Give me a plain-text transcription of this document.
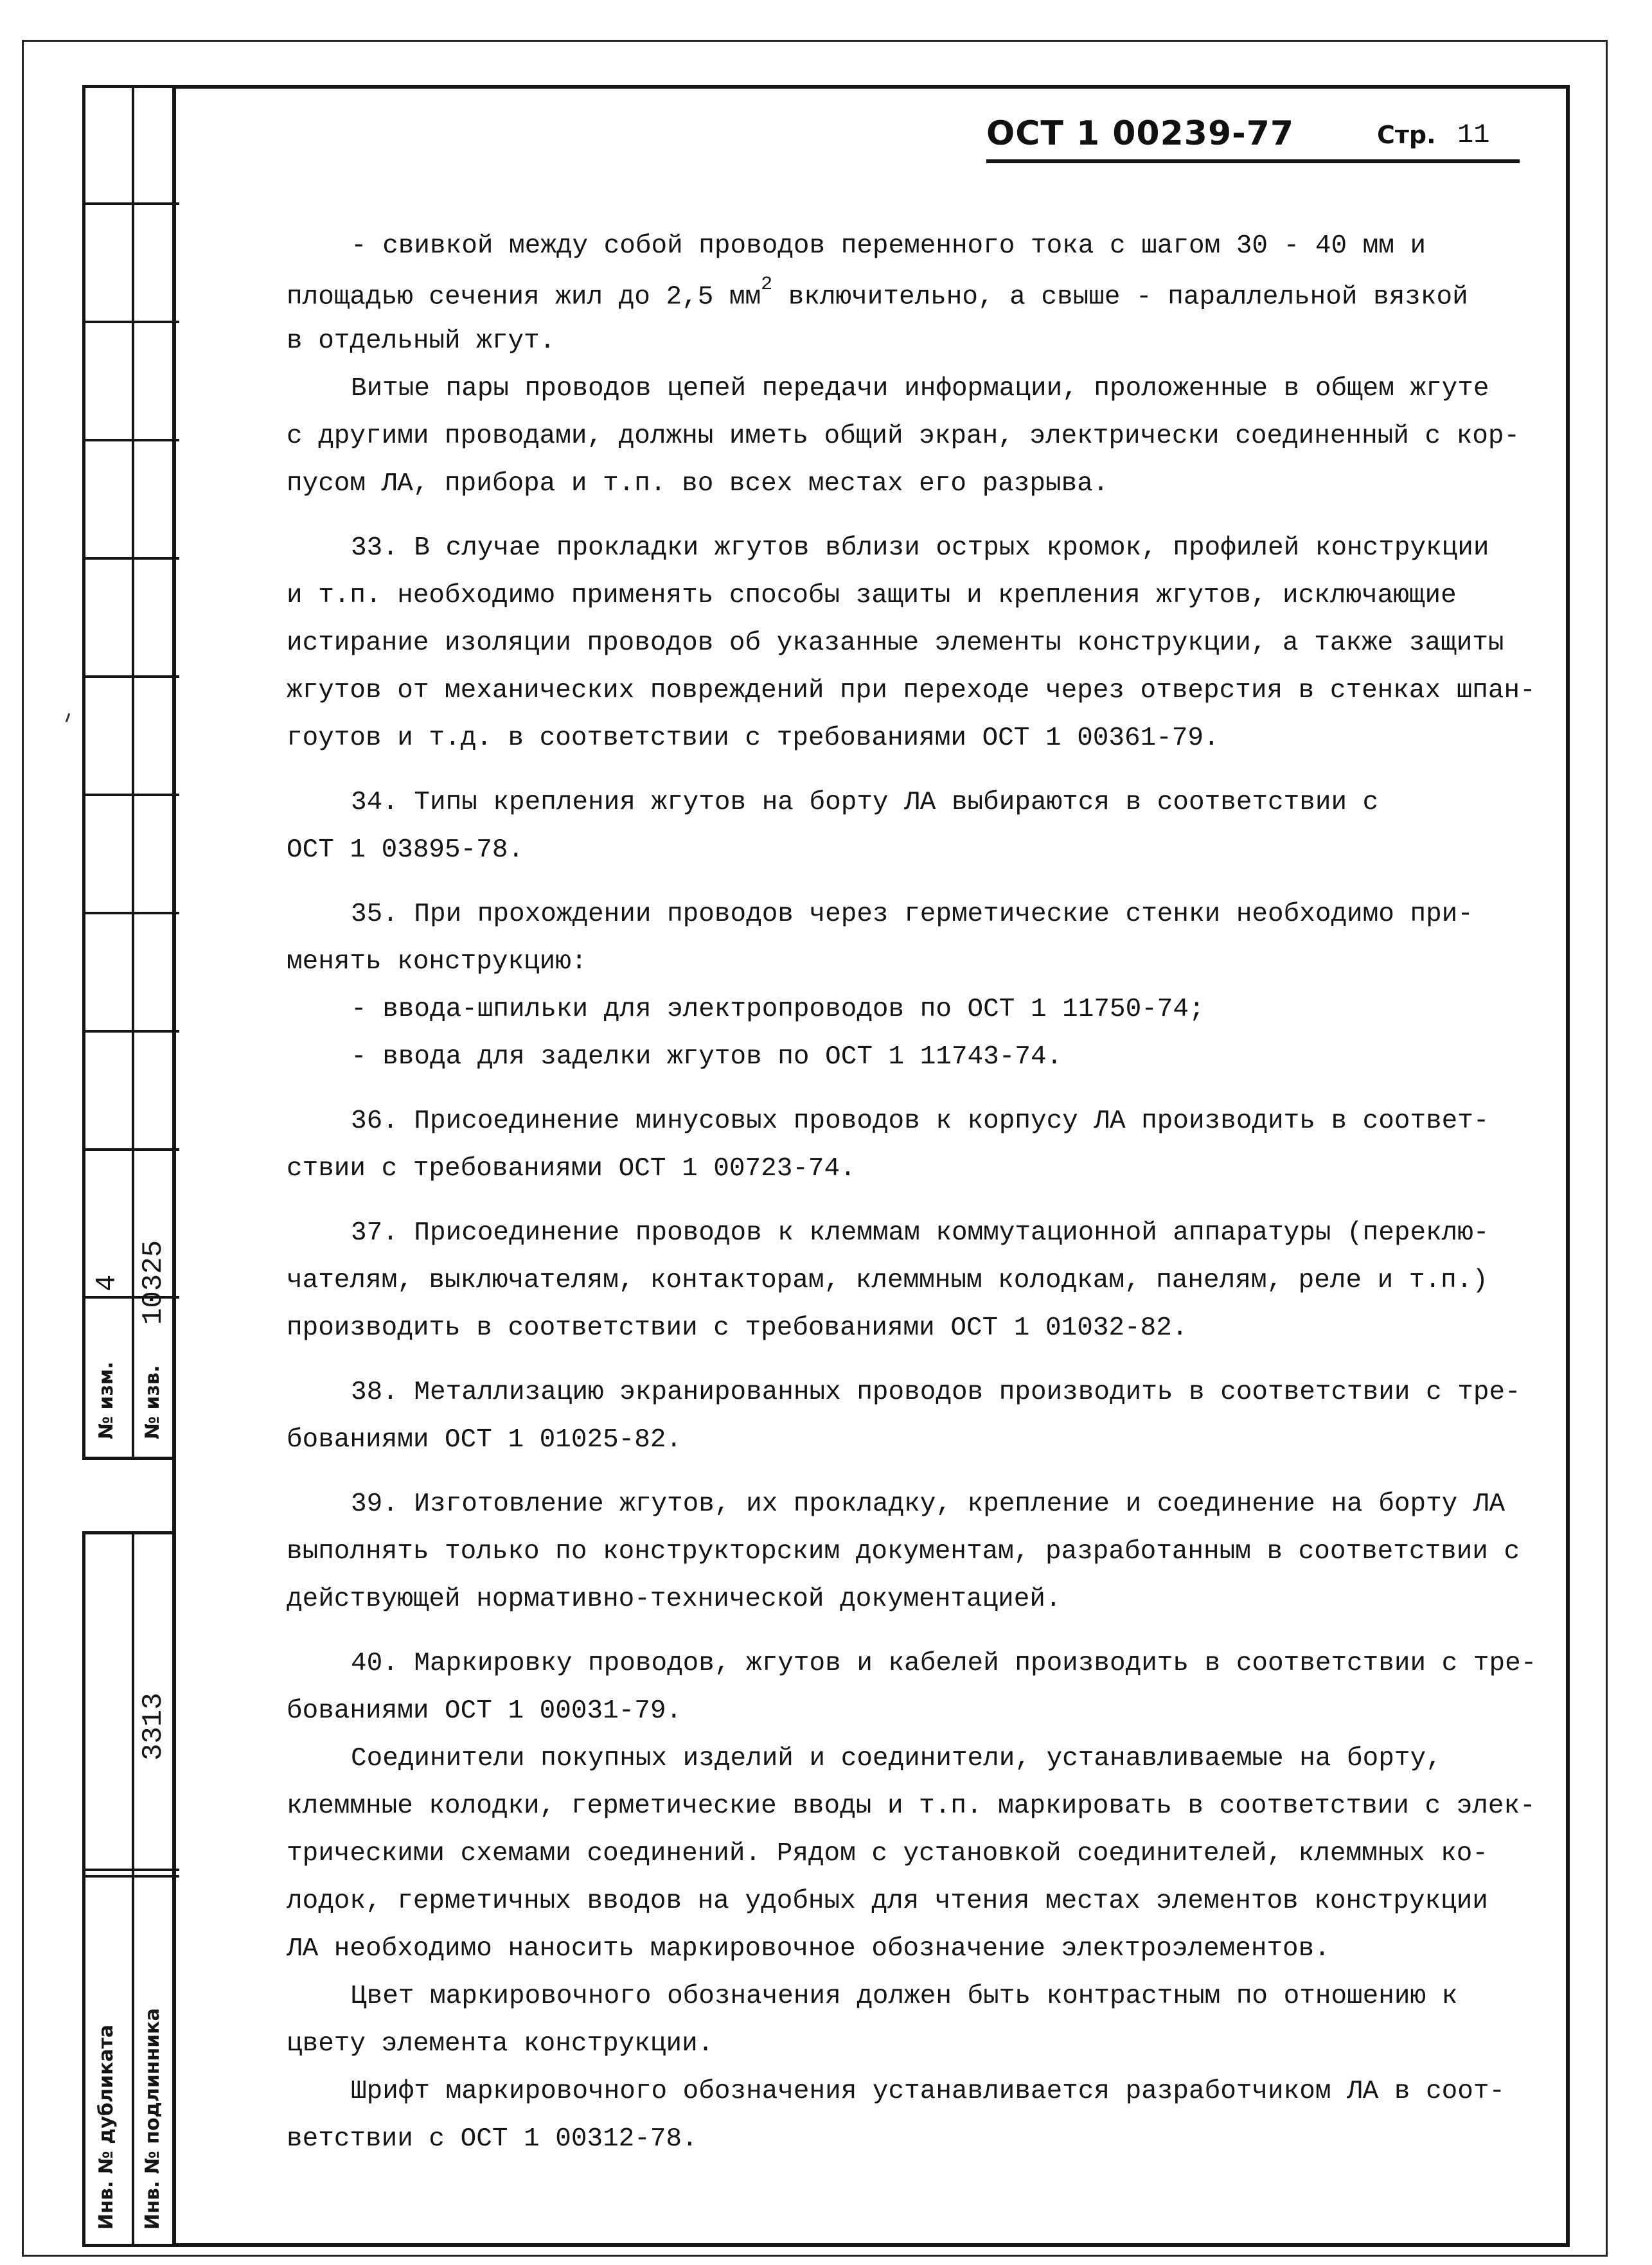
№ изм.
4
№ изв.
10325
Инв. № дубликата Инв. № подлинника
3313
ОСТ 1 00239-77	Стр. 11
- свивкой между собой проводов переменного тока с шагом 30 - 40 мм и
площадью сечения жил до 2,5 $мм^2$ включительно, а свыше - параллельной вязкой
в отдельный жгут.
Витые пары проводов цепей передачи информации, проложенные в общем жгуте
с другими проводами, должны иметь общий экран, электрически соединенный с кор-
пусом ЛА, прибора и т.п. во всех местах его разрыва.
33. В случае прокладки жгутов вблизи острых кромок, профилей конструкции
и т.п. необходимо применять способы защиты и крепления жгутов, исключающие
истирание изоляции проводов об указанные элементы конструкции, а также защиты
жгутов от механических повреждений при переходе через отверстия в стенках шпан-
гоутов и т.д. в соответствии с требованиями ОСТ 1 00361-79.
34. Типы крепления жгутов на борту ЛА выбираются в соответствии с
ОСТ 1 03895-78.
35. При прохождении проводов через герметические стенки необходимо при-
менять конструкцию:
- ввода-шпильки для электропроводов по ОСТ 1 11750-74;
- ввода для заделки жгутов по ОСТ 1 11743-74.
36. Присоединение минусовых проводов к корпусу ЛА производить в соответ-
ствии с требованиями ОСТ 1 00723-74.
37. Присоединение проводов к клеммам коммутационной аппаратуры (переклю-
чателям, выключателям, контакторам, клеммным колодкам, панелям, реле и т.п.)
производить в соответствии с требованиями ОСТ 1 01032-82.
38. Металлизацию экранированных проводов производить в соответствии с тре-
бованиями ОСТ 1 01025-82.
39. Изготовление жгутов, их прокладку, крепление и соединение на борту ЛА
выполнять только по конструкторским документам, разработанным в соответствии с
действующей нормативно-технической документацией.
40. Маркировку проводов, жгутов и кабелей производить в соответствии с тре-
бованиями ОСТ 1 00031-79.
Соединители покупных изделий и соединители, устанавливаемые на борту,
клеммные колодки, герметические вводы и т.п. маркировать в соответствии с элек-
трическими схемами соединений. Рядом с установкой соединителей, клеммных ко-
лодок, герметичных вводов на удобных для чтения местах элементов конструкции
ЛА необходимо наносить маркировочное обозначение электроэлементов.
Цвет маркировочного обозначения должен быть контрастным по отношению к
цвету элемента конструкции.
Шрифт маркировочного обозначения устанавливается разработчиком ЛА в соот-
ветствии с ОСТ 1 00312-78.
